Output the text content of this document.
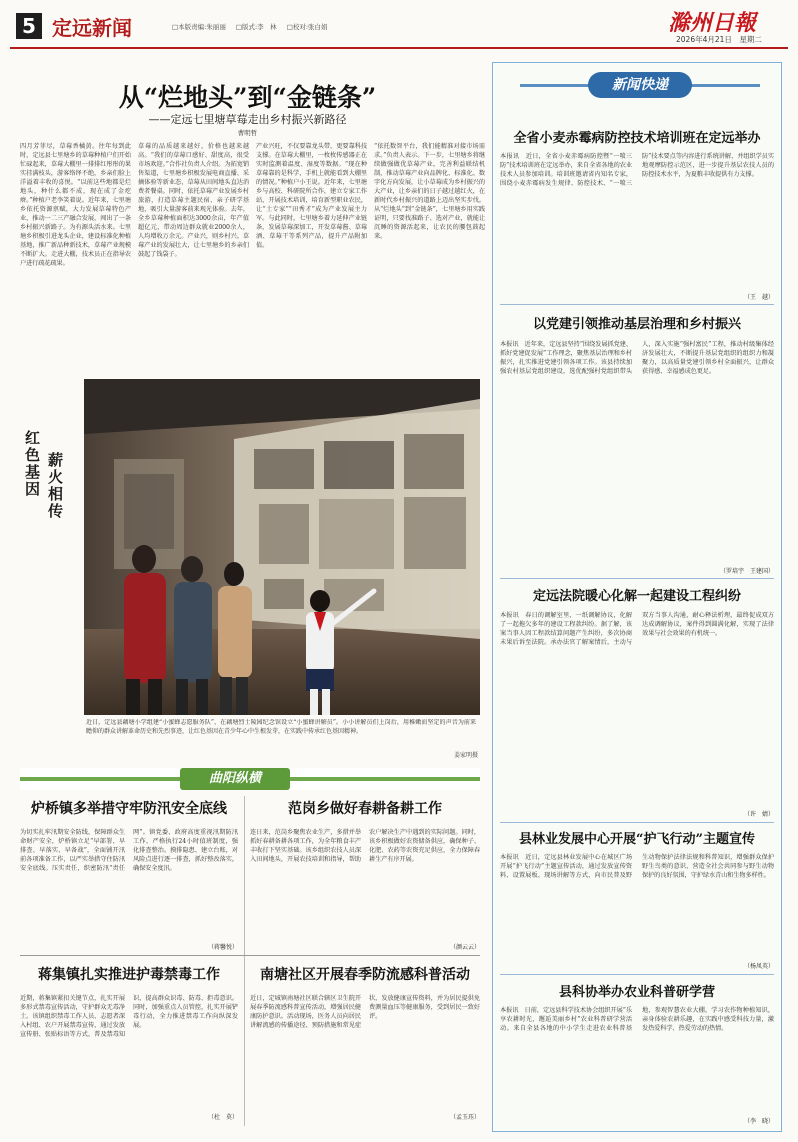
5 定远新闻	□本版责编:朱丽丽 □版式:李　林 □校对:张白娟	滁州日報
2026年4月21日　星期二
从“烂地头”到“金链条”
——定远七里塘草莓走出乡村振兴新路径
曹明哲
四月芳菲尽，草莓香橘黄。往年每到此时，定远县七里塘乡的草莓种植户们开始忙碌起来，草莓大棚里一排排红彤彤的果实挂满枝头，游客络绎不绝，乡亲们脸上洋溢着丰收的喜悦。“以前这些地都是烂地头，种什么都不成，现在成了金疙瘩。”种植户老李笑着说。近年来，七里塘乡依托资源禀赋，大力发展草莓特色产业，推动一二三产融合发展，闯出了一条乡村振兴新路子。为有源头活水来。七里塘乡积极引进龙头企业，建设标准化种植基地，推广新品种新技术，草莓产业规模不断扩大。走进大棚，技术员正在指导农户进行疏花疏果。
草莓的品质越来越好，价格也越来越高。“我们的草莓口感好、甜度高，很受市场欢迎。”合作社负责人介绍。为拓宽销售渠道，七里塘乡积极发展电商直播、采摘体验等新业态，草莓从田间地头直达消费者餐桌。同时，依托草莓产业发展乡村旅游，打造草莓主题民宿、亲子研学基地，吸引大量游客前来观光体验。去年，全乡草莓种植面积达3000余亩，年产值超亿元，带动周边群众就业2000余人，人均增收万余元。产业兴，则乡村兴。草莓产业的发展壮大，让七里塘乡的乡亲们鼓起了钱袋子。
产业兴旺，不仅要靠龙头带，更要靠科技支撑。在草莓大棚里，一枚枚传感器正在实时监测着温度、湿度等数据。“现在种草莓靠的是科学，手机上就能看到大棚里的情况。”种植户小王说。近年来，七里塘乡与高校、科研院所合作，建立专家工作站，开展技术培训，培育新型职业农民，让“土专家”“田秀才”成为产业发展主力军。与此同时，七里塘乡着力延伸产业链条，发展草莓深加工，开发草莓酱、草莓酒、草莓干等系列产品，提升产品附加值。
“依托数智平台，我们能精准对接市场需求。”负责人表示。下一步，七里塘乡将继续做强做优草莓产业，完善利益联结机制，推动草莓产业向品牌化、标准化、数字化方向发展，让小草莓成为乡村振兴的大产业，让乡亲们的日子越过越红火，在新时代乡村振兴的道路上迈出坚实步伐。从“烂地头”到“金链条”，七里塘乡用实践证明，只要找准路子、选对产业，就能让沉睡的资源活起来，让农民的腰包鼓起来。
红色基因 薪火相传
近日，定远县藕塘小学组建“小蜜蜂志愿服务队”，在藕塘烈士陵园纪念馆设立“小蜜蜂讲解员”。小小讲解员们上岗后，用稚嫩而坚定的声音为前来瞻仰的群众讲解革命历史和先烈事迹，让红色基因在青少年心中生根发芽，在实践中传承红色基因精神。
姜家明摄
曲阳纵横
炉桥镇多举措守牢防汛安全底线
为切实扎牢汛期安全防线，保障群众生命财产安全，炉桥镇立足“早部署、早排查、早落实、早备战”，全面铺开汛前各项准备工作，以严实举措守住防汛安全底线。压实责任，织密防汛“责任网”。镇党委、政府高度重视汛期防汛工作，严格执行24小时值班制度，强化排查整治。摸排隐患、建立台账，对风险点进行逐一排查，抓好整改落实，确保安全度汛。
（蒋馨悦）
范岗乡做好春耕备耕工作
连日来，范岗乡聚焦农业生产，多措并举抓好春耕备耕各项工作，为全年粮食丰产丰收打下坚实基础。该乡组织农技人员深入田间地头，开展农技培训和指导，帮助农户解决生产中遇到的实际问题。同时，该乡积极做好农资储备供应，确保种子、化肥、农药等农资充足供应，全力保障春耕生产有序开展。
（颜云云）
蒋集镇扎实推进护毒禁毒工作
近期，蒋集镇紧扣关键节点，扎实开展多形式禁毒宣传活动，守护群众无毒净土。该镇组织禁毒工作人员、志愿者深入村组、农户开展禁毒宣传，通过发放宣传册、张贴标语等方式，普及禁毒知识，提高群众识毒、防毒、拒毒意识。同时，加强重点人员管控，扎实开展铲毒行动，全力推进禁毒工作向纵深发展。
（杜　莫）
南塘社区开展春季防流感科普活动
近日，定城镇南塘社区联合辖区卫生院开展春季防流感科普宣传活动，增强居民健康防护意识。活动现场，医务人员向居民讲解流感的传播途径、预防措施和常见症状，发放健康宣传资料，并为居民提供免费测量血压等健康服务，受到居民一致好评。
（孟玉珏）
新闻快递
全省小麦赤霉病防控技术培训班在定远举办
本报讯　近日，全省小麦赤霉病防控暨“一喷三防”技术培训班在定远举办，来自全省各地的农业技术人员参加培训。培训班邀请省内知名专家，围绕小麦赤霉病发生规律、防控技术、“一喷三防”技术要点等内容进行系统讲解，并组织学员实地观摩防控示范区，进一步提升基层农技人员的防控技术水平，为夏粮丰收提供有力支撑。
（王　越）
以党建引领推动基层治理和乡村振兴
本报讯　近年来，定远县坚持“围绕发展抓党建、抓好党建促发展”工作理念，聚焦基层治理和乡村振兴，扎实推进党建引领各项工作。该县持续加强农村基层党组织建设，选优配强村党组织带头人，深入实施“强村富民”工程，推动村级集体经济发展壮大，不断提升基层党组织的组织力和凝聚力，以高质量党建引领乡村全面振兴，让群众获得感、幸福感成色更足。
（罗培宇　王建国）
定远法院暖心化解一起建设工程纠纷
本报讯　春日的调解室里，一纸调解协议，化解了一起拖欠多年的建设工程款纠纷。据了解，该案当事人因工程款结算问题产生纠纷，多次协商未果后诉至法院。承办法官了解案情后，主动与双方当事人沟通，耐心释法析理，最终促成双方达成调解协议，案件得到圆满化解，实现了法律效果与社会效果的有机统一。
（许　婧）
县林业发展中心开展“护飞行动”主题宣传
本报讯　近日，定远县林业发展中心在城区广场开展“护飞行动”主题宣传活动，通过发放宣传资料、设置展板、现场讲解等方式，向市民普及野生动物保护法律法规和科普知识，增强群众保护野生鸟类的意识，营造全社会共同参与野生动物保护的良好氛围，守护绿水青山和生物多样性。
（杨凤英）
县科协举办农业科普研学营
本报讯　日前，定远县科学技术协会组织开展“乐享农耕时光，邂逅美丽乡村”农业科普研学营活动。来自全县各地的中小学生走进农业科普基地，参观智慧农业大棚，学习农作物种植知识，亲身体验农耕乐趣，在实践中感受科技力量，激发热爱科学、热爱劳动的热情。
（李　晓）
